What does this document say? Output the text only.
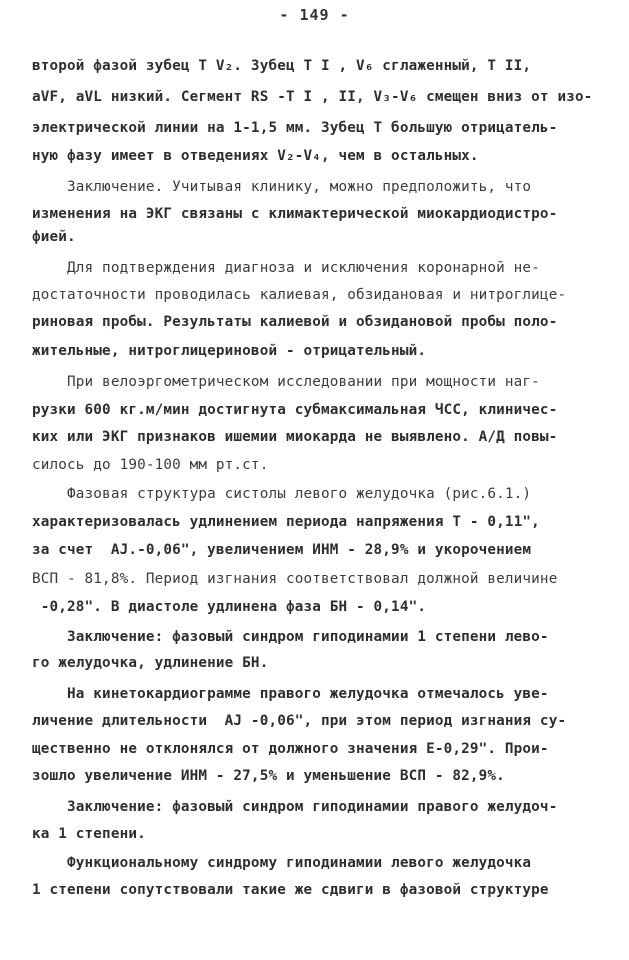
- 149 -
второй фазой зубец T V₂. Зубец T I , V₆ сглаженный, T II,
aVF, aVL низкий. Сегмент RS -T I , II, V₃-V₆ смещен вниз от изо-
электрической линии на 1-1,5 мм. Зубец T большую отрицатель-
ную фазу имеет в отведениях V₂-V₄, чем в остальных.
Заключение. Учитывая клинику, можно предположить, что
изменения на ЭКГ связаны с климактерической миокардиодистро-
фией.
Для подтверждения диагноза и исключения коронарной не-
достаточности проводилась калиевая, обзидановая и нитроглице-
риновая пробы. Результаты калиевой и обзидановой пробы поло-
жительные, нитроглицериновой - отрицательный.
При велоэргометрическом исследовании при мощности наг-
рузки 600 кг.м/мин достигнута субмаксимальная ЧСС, клиничес-
ких или ЭКГ признаков ишемии миокарда не выявлено. А/Д повы-
силось до 190-100 мм рт.ст.
Фазовая структура систолы левого желудочка (рис.6.1.)
характеризовалась удлинением периода напряжения T - 0,11",
за счет  AJ.-0,06", увеличением ИНМ - 28,9% и укорочением
ВСП - 81,8%. Период изгнания соответствовал должной величине
-0,28". В диастоле удлинена фаза БН - 0,14".
Заключение: фазовый синдром гиподинамии 1 степени лево-
го желудочка, удлинение БН.
На кинетокардиограмме правого желудочка отмечалось уве-
личение длительности  AJ -0,06", при этом период изгнания су-
щественно не отклонялся от должного значения E-0,29". Прои-
зошло увеличение ИНМ - 27,5% и уменьшение ВСП - 82,9%.
Заключение: фазовый синдром гиподинамии правого желудоч-
ка 1 степени.
Функциональному синдрому гиподинамии левого желудочка
1 степени сопутствовали такие же сдвиги в фазовой структуре
